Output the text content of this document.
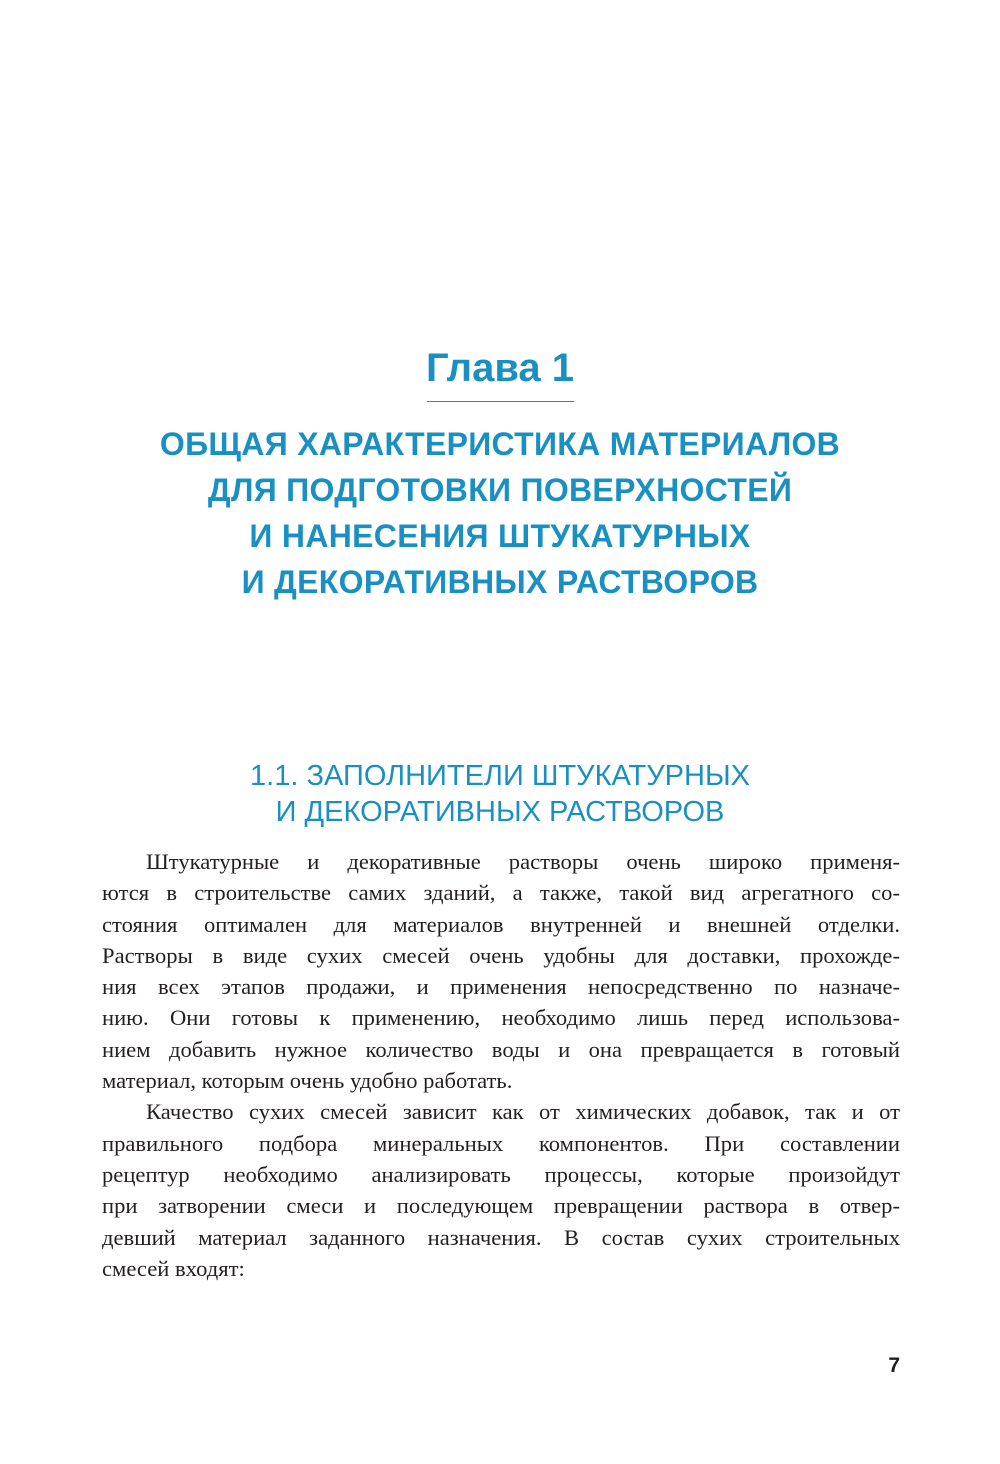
Глава 1
ОБЩАЯ ХАРАКТЕРИСТИКА МАТЕРИАЛОВ
ДЛЯ ПОДГОТОВКИ ПОВЕРХНОСТЕЙ
И НАНЕСЕНИЯ ШТУКАТУРНЫХ
И ДЕКОРАТИВНЫХ РАСТВОРОВ
1.1. ЗАПОЛНИТЕЛИ ШТУКАТУРНЫХ
И ДЕКОРАТИВНЫХ РАСТВОРОВ
Штукатурные и декоративные растворы очень широко применя-
ются в строительстве самих зданий, а также, такой вид агрегатного со-
стояния оптимален для материалов внутренней и внешней отделки.
Растворы в виде сухих смесей очень удобны для доставки, прохожде-
ния всех этапов продажи, и применения непосредственно по назначе-
нию. Они готовы к применению, необходимо лишь перед использова-
нием добавить нужное количество воды и она превращается в готовый
материал, которым очень удобно работать.
Качество сухих смесей зависит как от химических добавок, так и от
правильного подбора минеральных компонентов. При составлении
рецептур необходимо анализировать процессы, которые произойдут
при затворении смеси и последующем превращении раствора в отвер-
девший материал заданного назначения. В состав сухих строительных
смесей входят:
7
